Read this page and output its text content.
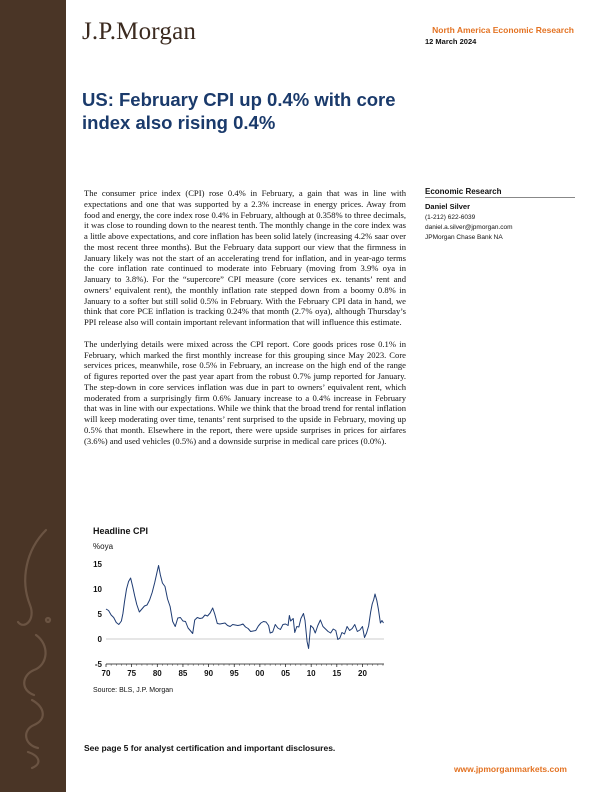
J.P.Morgan	North America Economic Research
12 March 2024
US: February CPI up 0.4% with core index also rising 0.4%

The consumer price index (CPI) rose 0.4% in February, a gain that was in line with expectations and one that was supported by a 2.3% increase in energy prices. Away from food and energy, the core index rose 0.4% in February, although at 0.358% to three decimals, it was close to rounding down to the nearest tenth. The monthly change in the core index was a little above expectations, and core inflation has been solid lately (increasing 4.2% saar over the most recent three months). But the February data support our view that the firmness in January likely was not the start of an accelerating trend for inflation, and in year-ago terms the core inflation rate continued to moderate into February (moving from 3.9% oya in January to 3.8%). For the “supercore” CPI measure (core services ex. tenants’ rent and owners’ equivalent rent), the monthly inflation rate stepped down from a boomy 0.8% in January to a softer but still solid 0.5% in February. With the February CPI data in hand, we think that core PCE inflation is tracking 0.24% that month (2.7% oya), although Thursday’s PPI release also will contain important relevant information that will influence this estimate.

The underlying details were mixed across the CPI report. Core goods prices rose 0.1% in February, which marked the first monthly increase for this grouping since May 2023. Core services prices, meanwhile, rose 0.5% in February, an increase on the high end of the range of figures reported over the past year apart from the robust 0.7% jump reported for January. The step-down in core services inflation was due in part to owners’ equivalent rent, which moderated from a surprisingly firm 0.6% January increase to a 0.4% increase in February that was in line with our expectations. While we think that the broad trend for rental inflation will keep moderating over time, tenants’ rent surprised to the upside in February, moving up 0.5% that month. Elsewhere in the report, there were upside surprises in prices for airfares (3.6%) and used vehicles (0.5%) and a downside surprise in medical care prices (0.0%).

Economic Research
Daniel Silver
(1-212) 622-6039
daniel.a.silver@jpmorgan.com
JPMorgan Chase Bank NA
Headline CPI
%oya
-5
0
5
10
15
70 75 80 85 90 95 00 05 10 15 20
Source: BLS, J.P. Morgan
See page 5 for analyst certification and important disclosures.
www.jpmorganmarkets.com
